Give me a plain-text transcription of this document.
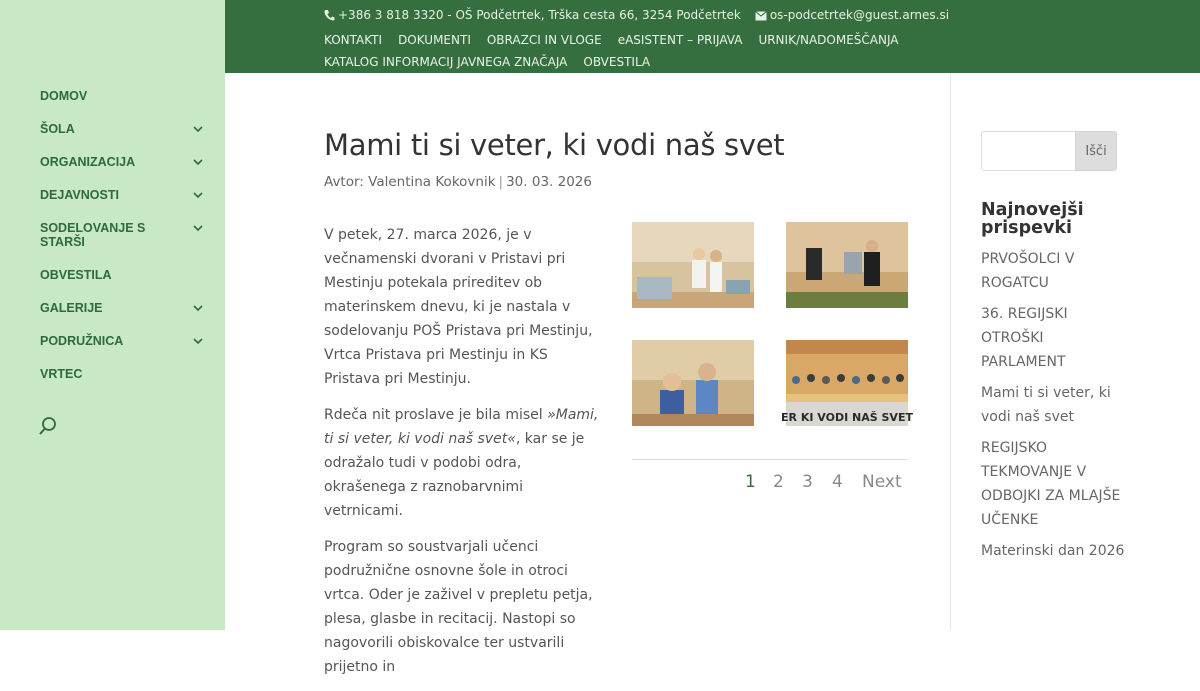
DOMOV
ŠOLA
ORGANIZACIJA
DEJAVNOSTI
SODELOVANJE S STARŠI
OBVESTILA
GALERIJE
PODRUŽNICA
VRTEC
+386 3 818 3320 - OŠ Podčetrtek, Trška cesta 66, 3254 Podčetrtek os-podcetrtek@guest.arnes.si
KONTAKTI DOKUMENTI OBRAZCI IN VLOGE eASISTENT – PRIJAVA URNIK/NADOMEŠČANJA
KATALOG INFORMACIJ JAVNEGA ZNAČAJA OBVESTILA
Mami ti si veter, ki vodi naš svet
Avtor: Valentina Kokovnik | 30. 03. 2026

V petek, 27. marca 2026, je v večnamenski dvorani v Pristavi pri Mestinju potekala prireditev ob materinskem dnevu, ki je nastala v sodelovanju POŠ Pristava pri Mestinju, Vrtca Pristava pri Mestinju in KS Pristava pri Mestinju.

Rdeča nit proslave je bila misel »Mami, ti si veter, ki vodi naš svet«, kar se je odražalo tudi v podobi odra, okrašenega z raznobarvnimi vetrnicami.

Program so soustvarjali učenci podružnične osnovne šole in otroci vrtca. Oder je zaživel v prepletu petja, plesa, glasbe in recitacij. Nastopi so nagovorili obiskovalce ter ustvarili prijetno in

ER KI VODI NAŠ SVET
1 2 3 4 Next
Išči
Najnovejši prispevki
PRVOŠOLCI V ROGATCU
36. REGIJSKI OTROŠKI PARLAMENT
Mami ti si veter, ki vodi naš svet
REGIJSKO TEKMOVANJE V ODBOJKI ZA MLAJŠE UČENKE
Materinski dan 2026
